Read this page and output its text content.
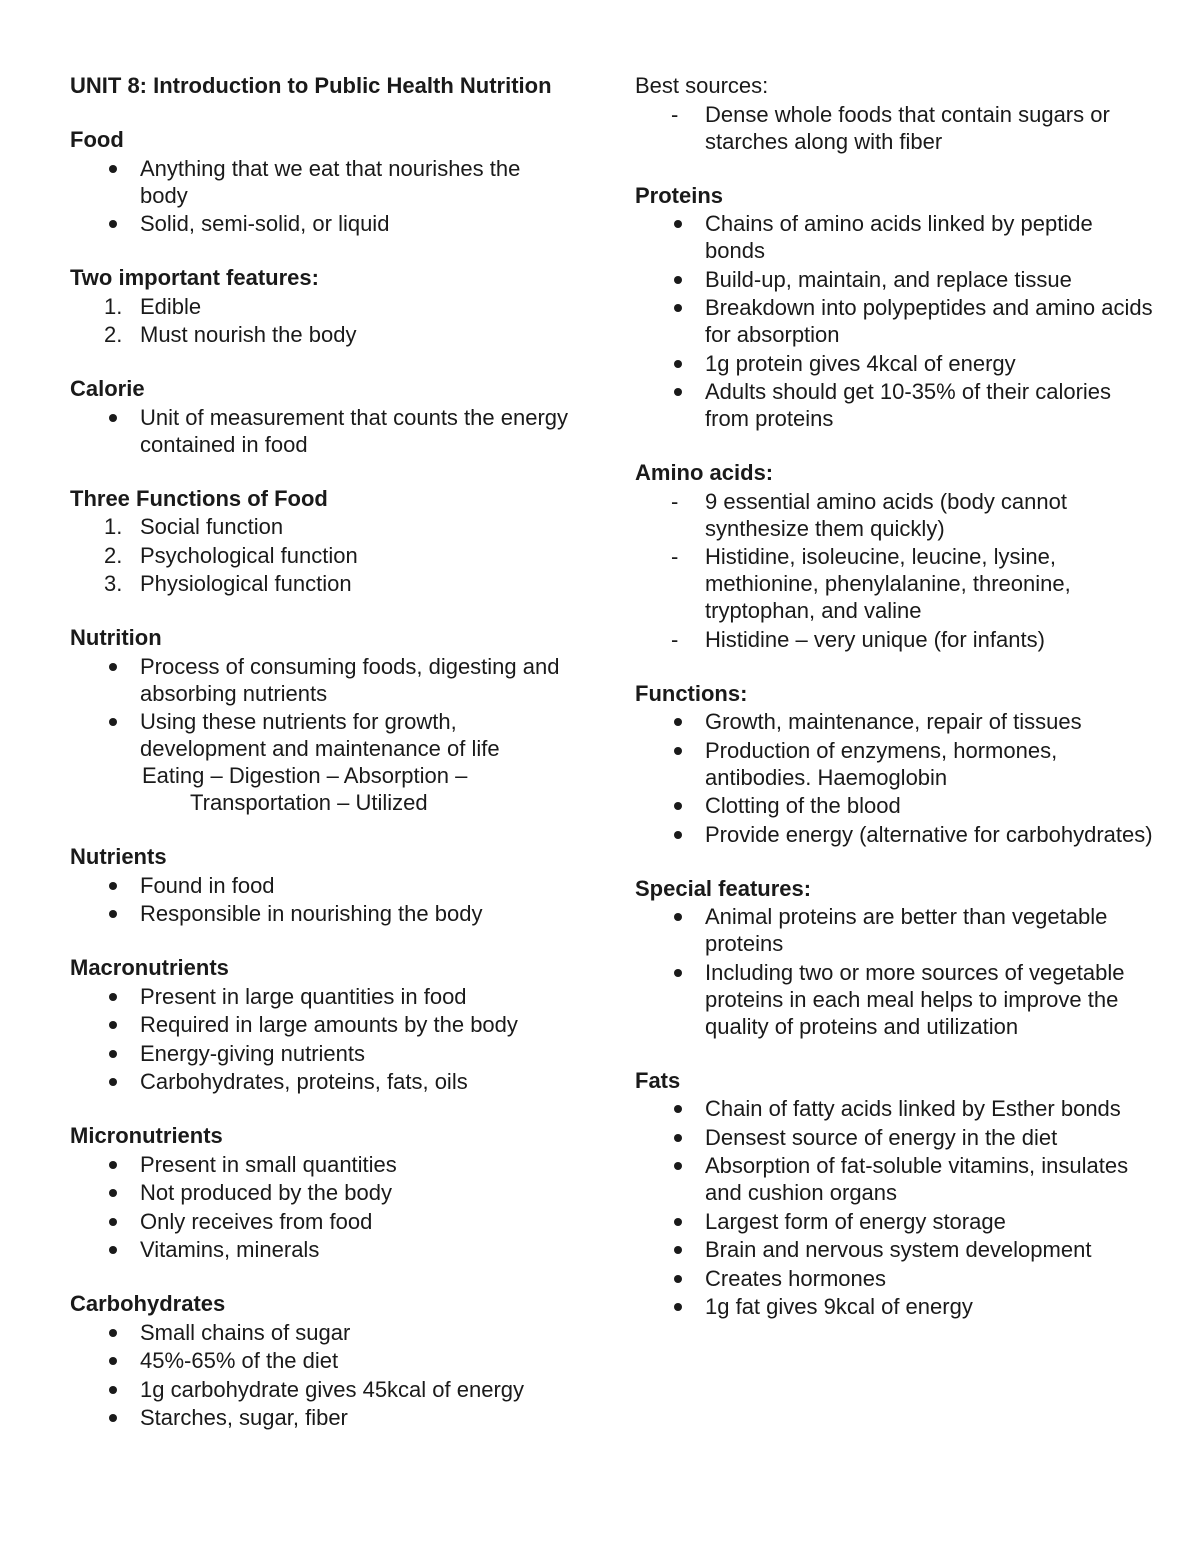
UNIT 8: Introduction to Public Health Nutrition
Food
Anything that we eat that nourishes the body
Solid, semi-solid, or liquid
Two important features:
1. Edible
2. Must nourish the body
Calorie
Unit of measurement that counts the energy contained in food
Three Functions of Food
1. Social function
2. Psychological function
3. Physiological function
Nutrition
Process of consuming foods, digesting and absorbing nutrients
Using these nutrients for growth, development and maintenance of life
Eating – Digestion – Absorption –
Transportation – Utilized
Nutrients
Found in food
Responsible in nourishing the body
Macronutrients
Present in large quantities in food
Required in large amounts by the body
Energy-giving nutrients
Carbohydrates, proteins, fats, oils
Micronutrients
Present in small quantities
Not produced by the body
Only receives from food
Vitamins, minerals
Carbohydrates
Small chains of sugar
45%-65% of the diet
1g carbohydrate gives 45kcal of energy
Starches, sugar, fiber
Best sources:
- Dense whole foods that contain sugars or starches along with fiber
Proteins
Chains of amino acids linked by peptide bonds
Build-up, maintain, and replace tissue
Breakdown into polypeptides and amino acids for absorption
1g protein gives 4kcal of energy
Adults should get 10-35% of their calories from proteins
Amino acids:
- 9 essential amino acids (body cannot synthesize them quickly)
- Histidine, isoleucine, leucine, lysine, methionine, phenylalanine, threonine, tryptophan, and valine
- Histidine – very unique (for infants)
Functions:
Growth, maintenance, repair of tissues
Production of enzymens, hormones, antibodies. Haemoglobin
Clotting of the blood
Provide energy (alternative for carbohydrates)
Special features:
Animal proteins are better than vegetable proteins
Including two or more sources of vegetable proteins in each meal helps to improve the quality of proteins and utilization
Fats
Chain of fatty acids linked by Esther bonds
Densest source of energy in the diet
Absorption of fat-soluble vitamins, insulates and cushion organs
Largest form of energy storage
Brain and nervous system development
Creates hormones
1g fat gives 9kcal of energy
